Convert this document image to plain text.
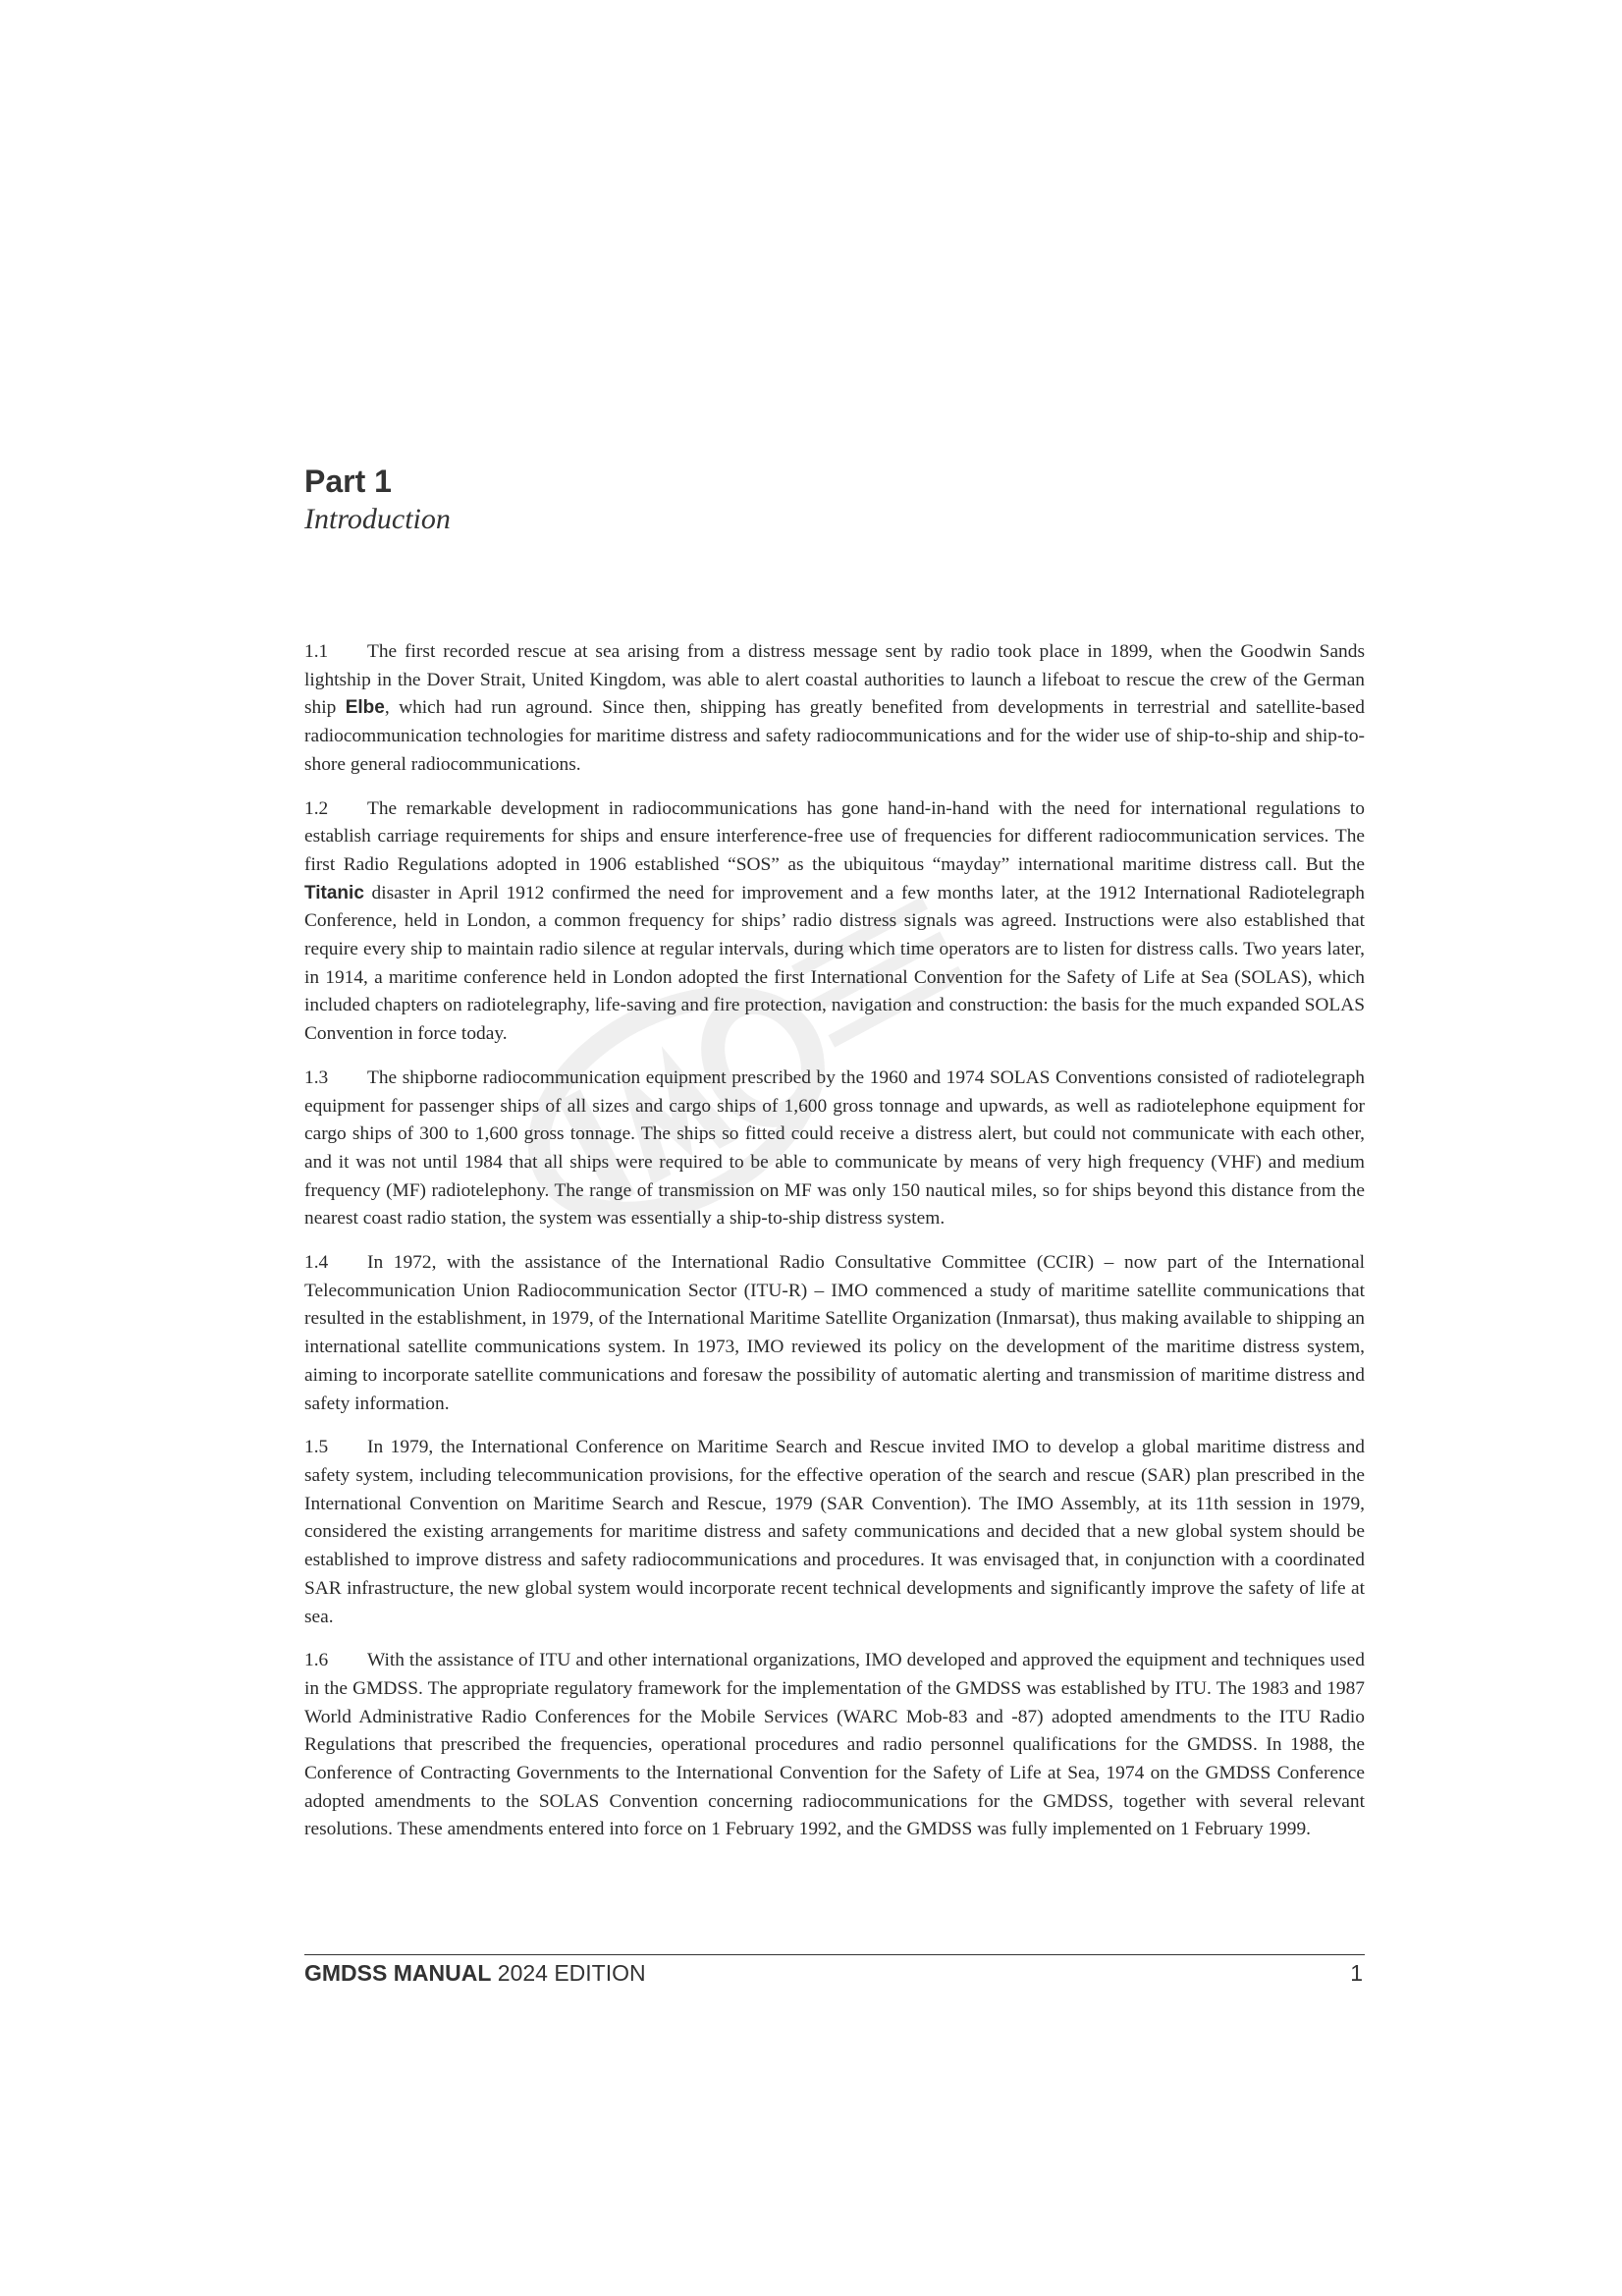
Part 1
Introduction

1.1 The first recorded rescue at sea arising from a distress message sent by radio took place in 1899, when the Goodwin Sands lightship in the Dover Strait, United Kingdom, was able to alert coastal authorities to launch a lifeboat to rescue the crew of the German ship Elbe, which had run aground. Since then, shipping has greatly benefited from developments in terrestrial and satellite-based radiocommunication technologies for maritime distress and safety radiocommunications and for the wider use of ship-to-ship and ship-to-shore general radiocommunications.

1.2 The remarkable development in radiocommunications has gone hand-in-hand with the need for international regulations to establish carriage requirements for ships and ensure interference-free use of frequencies for different radiocommunication services. The first Radio Regulations adopted in 1906 established “SOS” as the ubiquitous “mayday” international maritime distress call. But the Titanic disaster in April 1912 confirmed the need for improvement and a few months later, at the 1912 International Radiotelegraph Conference, held in London, a common frequency for ships’ radio distress signals was agreed. Instructions were also established that require every ship to maintain radio silence at regular intervals, during which time operators are to listen for distress calls. Two years later, in 1914, a maritime conference held in London adopted the first International Convention for the Safety of Life at Sea (SOLAS), which included chapters on radiotelegraphy, life-saving and fire protection, navigation and construction: the basis for the much expanded SOLAS Convention in force today.

1.3 The shipborne radiocommunication equipment prescribed by the 1960 and 1974 SOLAS Conventions consisted of radiotelegraph equipment for passenger ships of all sizes and cargo ships of 1,600 gross tonnage and upwards, as well as radiotelephone equipment for cargo ships of 300 to 1,600 gross tonnage. The ships so fitted could receive a distress alert, but could not communicate with each other, and it was not until 1984 that all ships were required to be able to communicate by means of very high frequency (VHF) and medium frequency (MF) radiotelephony. The range of transmission on MF was only 150 nautical miles, so for ships beyond this distance from the nearest coast radio station, the system was essentially a ship-to-ship distress system.

1.4 In 1972, with the assistance of the International Radio Consultative Committee (CCIR) – now part of the International Telecommunication Union Radiocommunication Sector (ITU-R) – IMO commenced a study of maritime satellite communications that resulted in the establishment, in 1979, of the International Maritime Satellite Organization (Inmarsat), thus making available to shipping an international satellite communications system. In 1973, IMO reviewed its policy on the development of the maritime distress system, aiming to incorporate satellite communications and foresaw the possibility of automatic alerting and transmission of maritime distress and safety information.

1.5 In 1979, the International Conference on Maritime Search and Rescue invited IMO to develop a global maritime distress and safety system, including telecommunication provisions, for the effective operation of the search and rescue (SAR) plan prescribed in the International Convention on Maritime Search and Rescue, 1979 (SAR Convention). The IMO Assembly, at its 11th session in 1979, considered the existing arrangements for maritime distress and safety communications and decided that a new global system should be established to improve distress and safety radiocommunications and procedures. It was envisaged that, in conjunction with a coordinated SAR infrastructure, the new global system would incorporate recent technical developments and significantly improve the safety of life at sea.

1.6 With the assistance of ITU and other international organizations, IMO developed and approved the equipment and techniques used in the GMDSS. The appropriate regulatory framework for the implementation of the GMDSS was established by ITU. The 1983 and 1987 World Administrative Radio Conferences for the Mobile Services (WARC Mob-83 and -87) adopted amendments to the ITU Radio Regulations that prescribed the frequencies, operational procedures and radio personnel qualifications for the GMDSS. In 1988, the Conference of Contracting Governments to the International Convention for the Safety of Life at Sea, 1974 on the GMDSS Conference adopted amendments to the SOLAS Convention concerning radiocommunications for the GMDSS, together with several relevant resolutions. These amendments entered into force on 1 February 1992, and the GMDSS was fully implemented on 1 February 1999.

GMDSS MANUAL 2024 EDITION	1
